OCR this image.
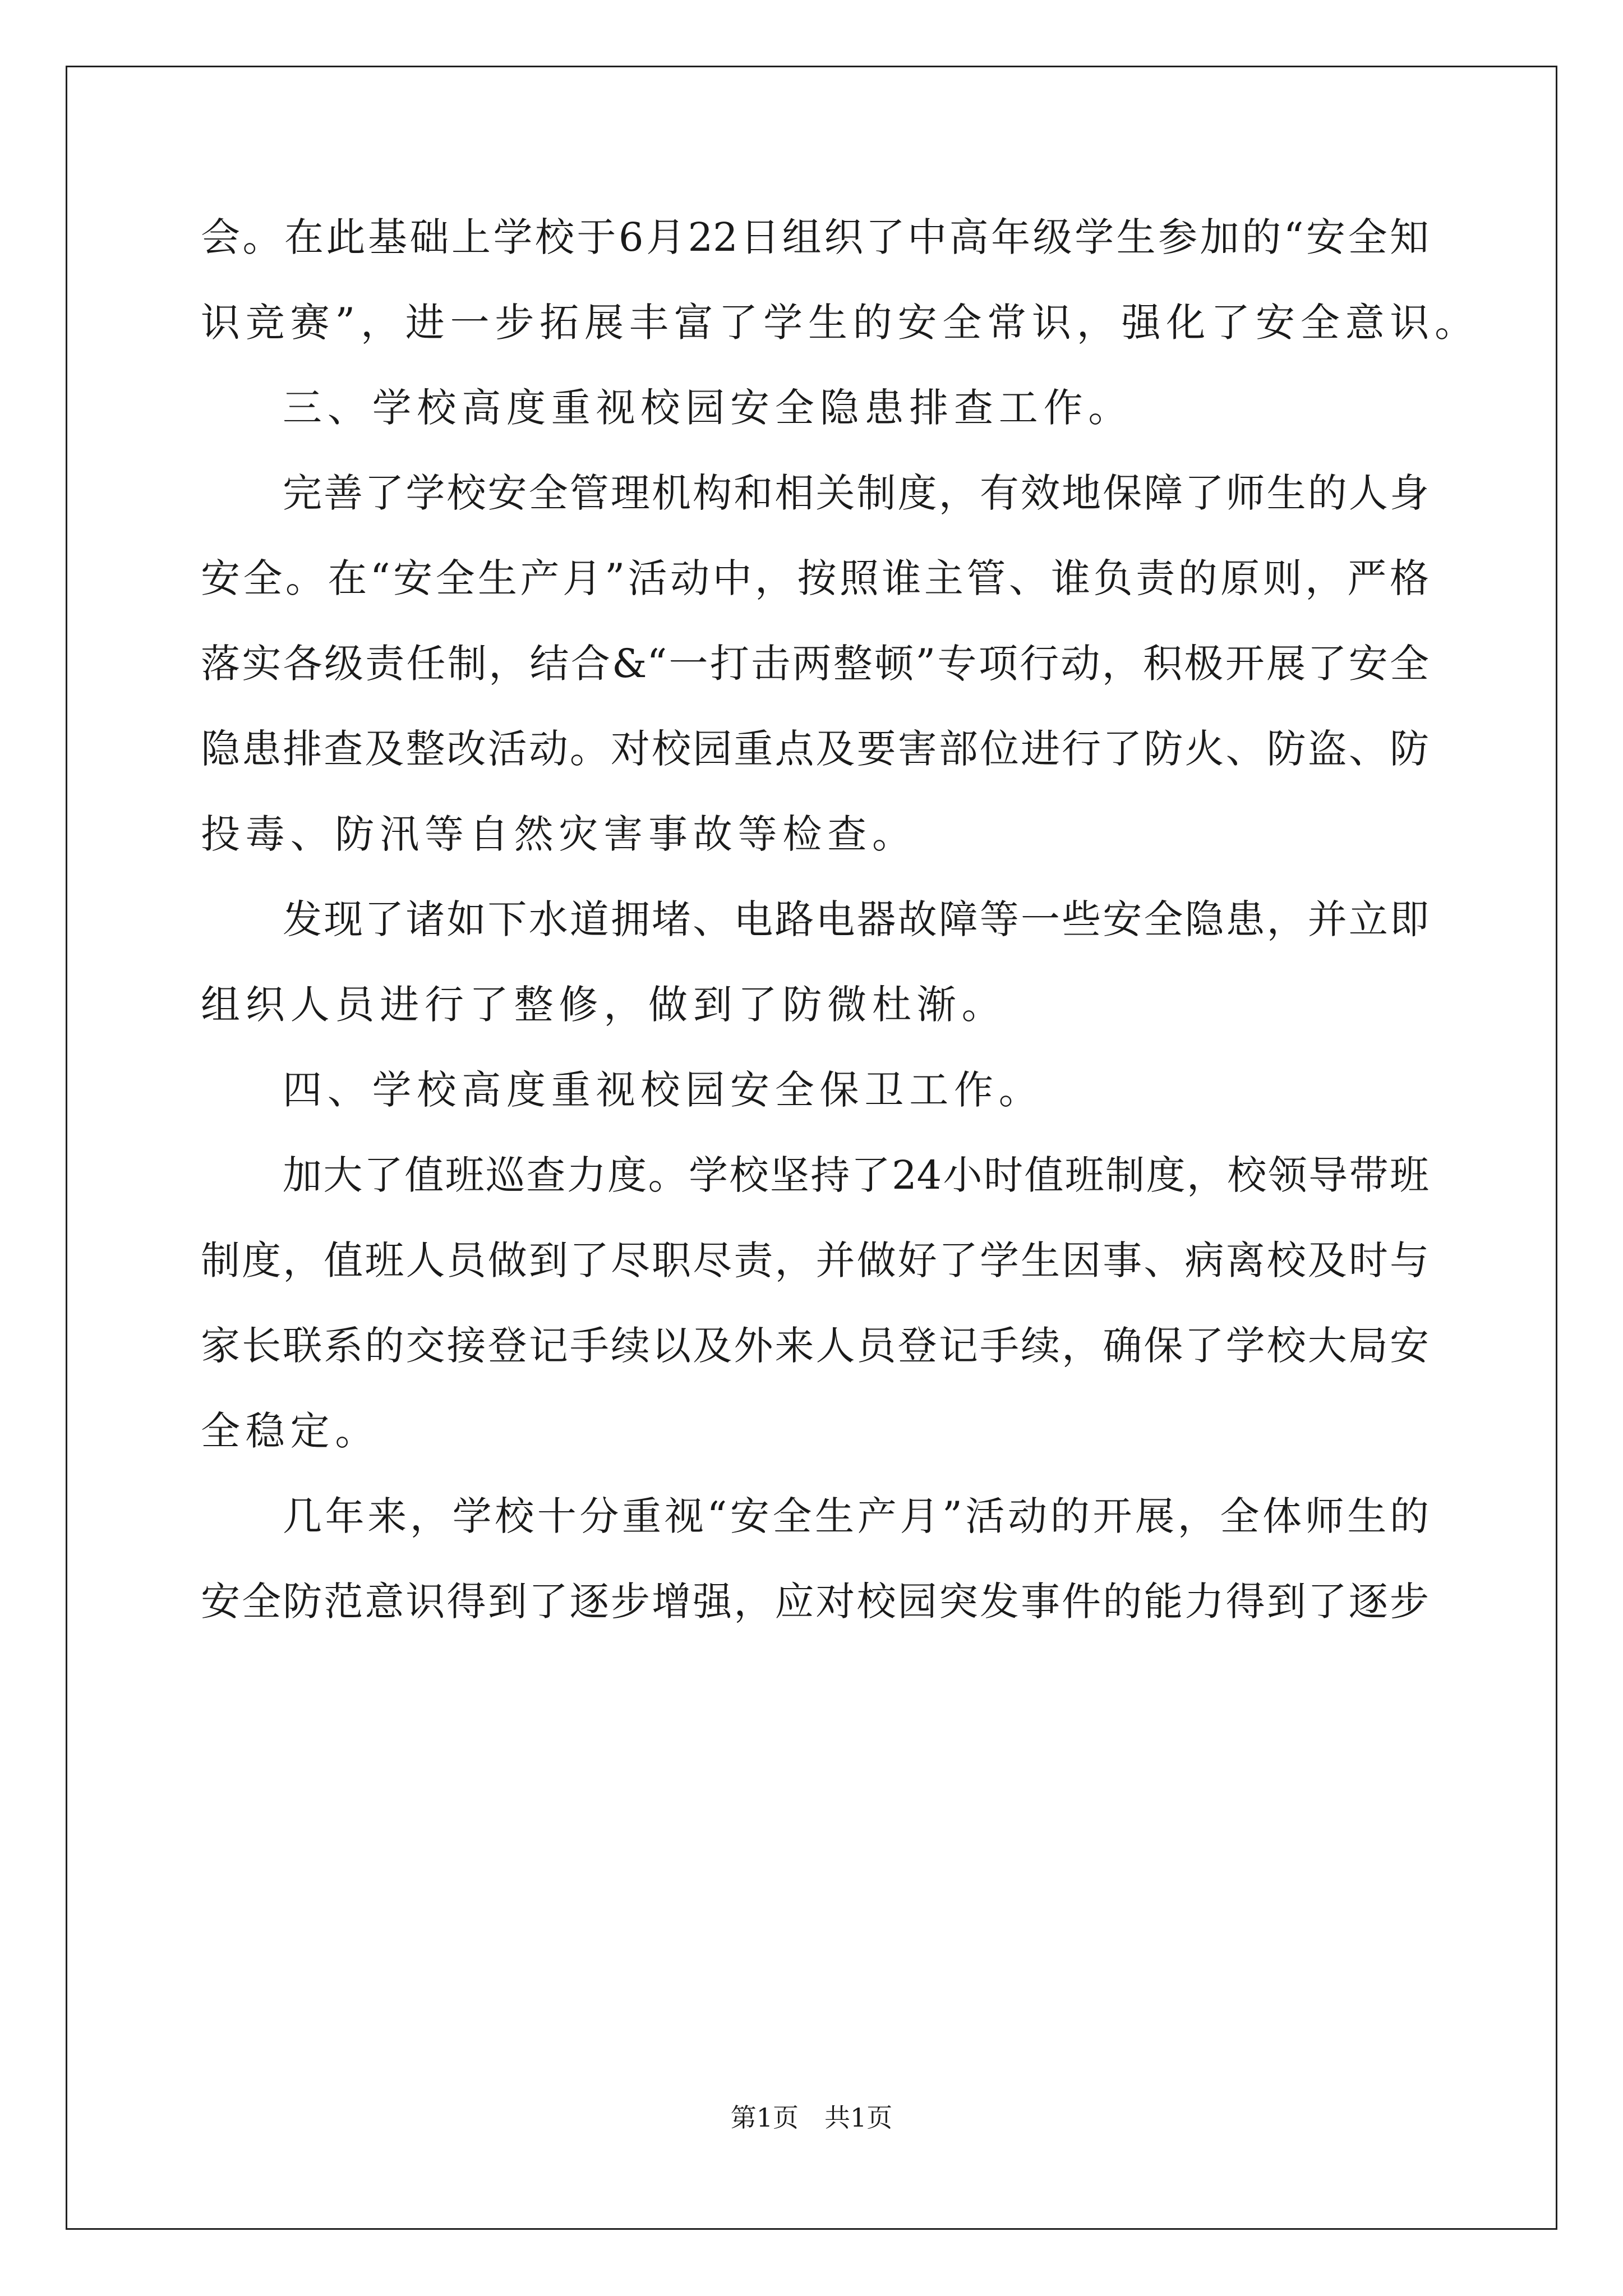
会。在此基础上学校于6月22日组织了中高年级学生参加的“安全知
识竞赛”，进一步拓展丰富了学生的安全常识，强化了安全意识。
三、学校高度重视校园安全隐患排查工作。
完善了学校安全管理机构和相关制度，有效地保障了师生的人身
安全。在“安全生产月”活动中，按照谁主管、谁负责的原则，严格
落实各级责任制，结合&“一打击两整顿”专项行动，积极开展了安全
隐患排查及整改活动。对校园重点及要害部位进行了防火、防盗、防
投毒、防汛等自然灾害事故等检查。
发现了诸如下水道拥堵、电路电器故障等一些安全隐患，并立即
组织人员进行了整修，做到了防微杜渐。
四、学校高度重视校园安全保卫工作。
加大了值班巡查力度。学校坚持了24小时值班制度，校领导带班
制度，值班人员做到了尽职尽责，并做好了学生因事、病离校及时与
家长联系的交接登记手续以及外来人员登记手续，确保了学校大局安
全稳定。
几年来，学校十分重视“安全生产月”活动的开展，全体师生的
安全防范意识得到了逐步增强，应对校园突发事件的能力得到了逐步
第1页　共1页
